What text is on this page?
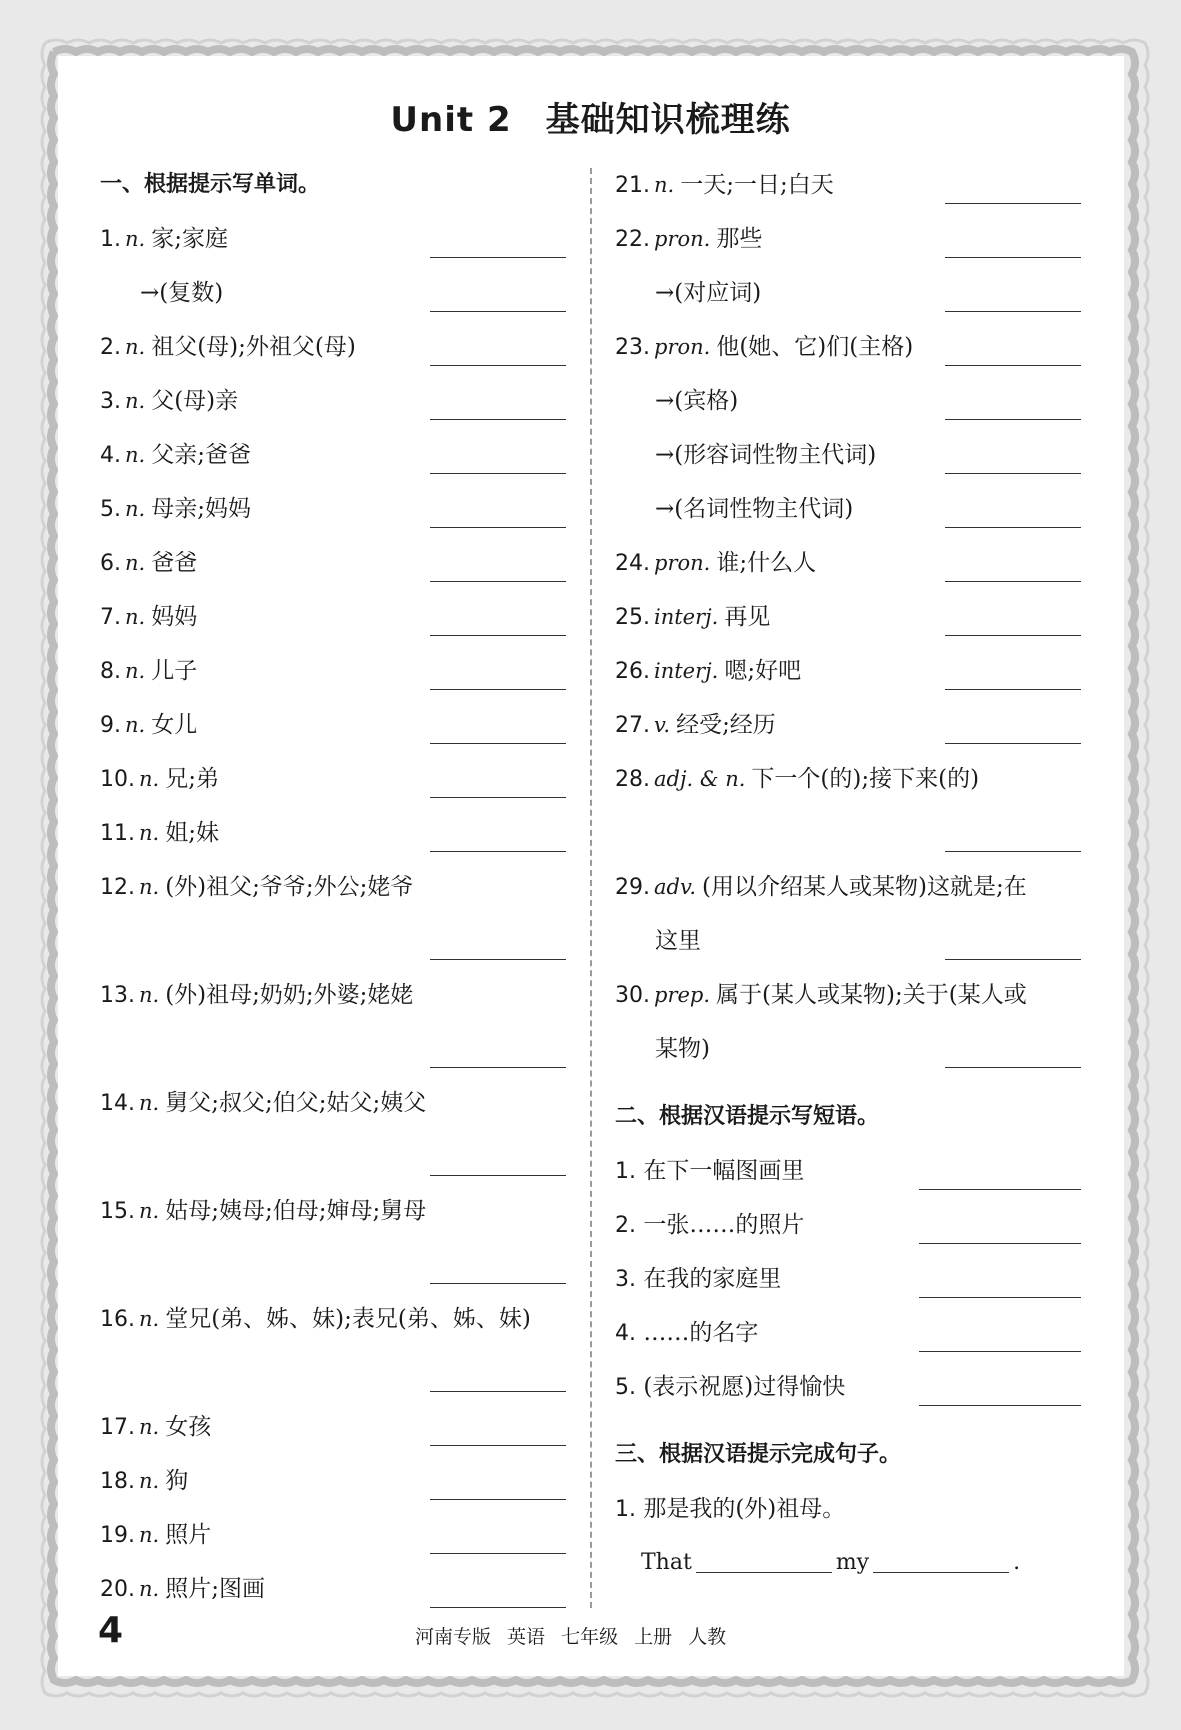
Unit 2 基础知识梳理练
一、根据提示写单词。
1. n. 家;家庭
→(复数)
2. n. 祖父(母);外祖父(母)
3. n. 父(母)亲
4. n. 父亲;爸爸
5. n. 母亲;妈妈
6. n. 爸爸
7. n. 妈妈
8. n. 儿子
9. n. 女儿
10. n. 兄;弟
11. n. 姐;妹
12. n. (外)祖父;爷爷;外公;姥爷
13. n. (外)祖母;奶奶;外婆;姥姥
14. n. 舅父;叔父;伯父;姑父;姨父
15. n. 姑母;姨母;伯母;婶母;舅母
16. n. 堂兄(弟、姊、妹);表兄(弟、姊、妹)
17. n. 女孩
18. n. 狗
19. n. 照片
20. n. 照片;图画
21. n. 一天;一日;白天
22. pron. 那些
→(对应词)
23. pron. 他(她、它)们(主格)
→(宾格)
→(形容词性物主代词)
→(名词性物主代词)
24. pron. 谁;什么人
25. interj. 再见
26. interj. 嗯;好吧
27. v. 经受;经历
28. adj. & n. 下一个(的);接下来(的)
29. adv. (用以介绍某人或某物)这就是;在
这里
30. prep. 属于(某人或某物);关于(某人或
某物)
二、根据汉语提示写短语。
1. 在下一幅图画里
2. 一张……的照片
3. 在我的家庭里
4. ……的名字
5. (表示祝愿)过得愉快
三、根据汉语提示完成句子。
1. 那是我的(外)祖母。
That	my	.
4	河南专版 英语 七年级 上册 人教
